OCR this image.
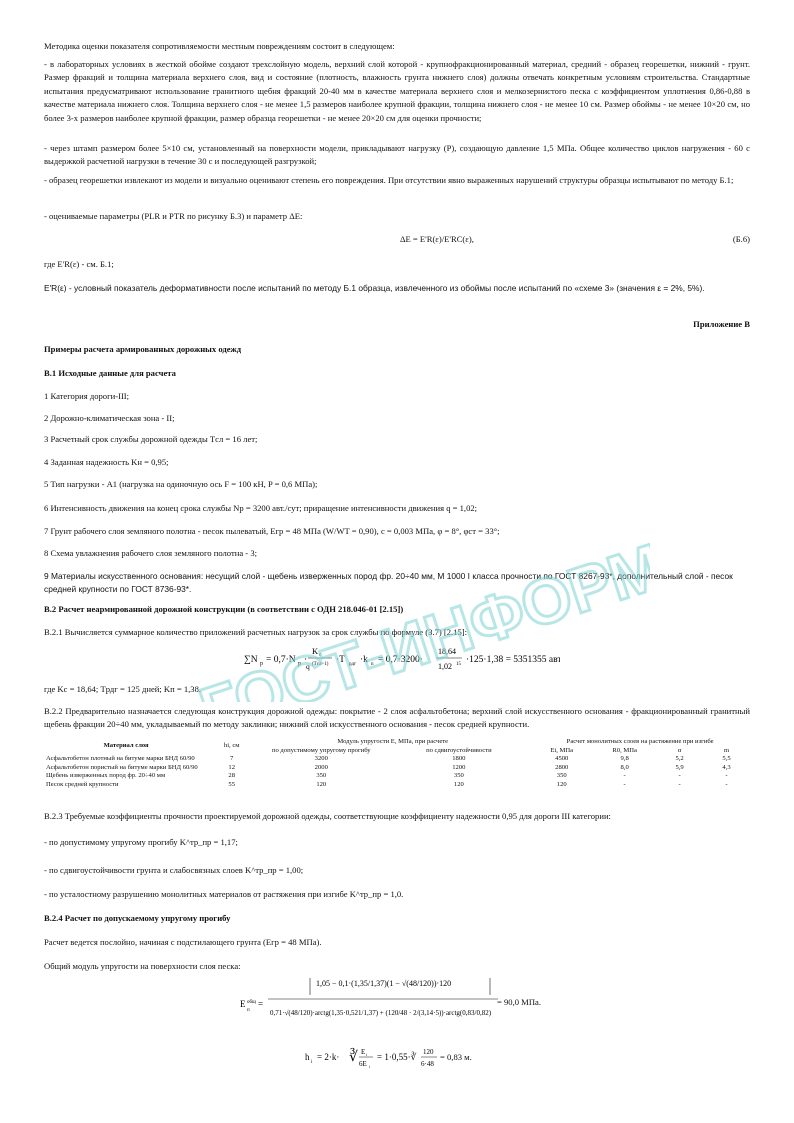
Методика оценки показателя сопротивляемости местным повреждениям состоит в следующем:
- в лабораторных условиях в жесткой обойме создают трехслойную модель, верхний слой которой - крупнофракционированный материал, средний - образец георешетки, нижний - грунт. Размер фракций и толщина материала верхнего слоя, вид и состояние (плотность, влажность грунта нижнего слоя) должны отвечать конкретным условиям строительства. Стандартные испытания предусматривают использование гранитного щебня фракций 20-40 мм в качестве материала верхнего слоя и мелкозернистого песка с коэффициентом уплотнения 0,86-0,88 в качестве материала нижнего слоя. Толщина верхнего слоя - не менее 1,5 размеров наиболее крупной фракции, толщина нижнего слоя - не менее 10 см. Размер обоймы - не менее 10×20 см, но более 3-х размеров наиболее крупной фракции, размер образца георешетки - не менее 20×20 см для оценки прочности;
- через штамп размером более 5×10 см, установленный на поверхности модели, прикладывают нагрузку (P), создающую давление 1,5 МПа. Общее количество циклов нагружения - 60 с выдержкой расчетной нагрузки в течение 30 с и последующей разгрузкой;
- образец георешетки извлекают из модели и визуально оценивают степень его повреждения. При отсутствии явно выраженных нарушений структуры образцы испытывают по методу Б.1;
- оцениваемые параметры (PLR и PTR по рисунку Б.3) и параметр ΔE:
ΔE = E'R(ε)/E'RC(ε),	(Б.6)
где E'R(ε) - см. Б.1;
E'R(ε) - условный показатель деформативности после испытаний по методу Б.1 образца, извлеченного из обоймы после испытаний по «схеме 3» (значения ε = 2%, 5%).
Приложение В
Примеры расчета армированных дорожных одежд
В.1 Исходные данные для расчета
1 Категория дороги-III;
2 Дорожно-климатическая зона - II;
3 Расчетный срок службы дорожной одежды Tсл = 16 лет;
4 Заданная надежность Kн = 0,95;
5 Тип нагрузки - A1 (нагрузка на одиночную ось F = 100 кН, P = 0,6 МПа);
6 Интенсивность движения на конец срока службы Np = 3200 авт./сут; приращение интенсивности движения q = 1,02;
7 Грунт рабочего слоя земляного полотна - песок пылеватый, Eгр = 48 МПа (W/WT = 0,90), c = 0,003 МПа, φ = 8°, φст = 33°;
8 Схема увлажнения рабочего слоя земляного полотна - 3;
9 Материалы искусственного основания: несущий слой - щебень изверженных пород фр. 20÷40 мм, М 1000 I класса прочности по ГОСТ 8267-93*, дополнительный слой - песок средней крупности по ГОСТ 8736-93*.
В.2 Расчет неармированной дорожной конструкции (в соответствии с ОДН 218.046-01 [2.15])
В.2.1 Вычисляется суммарное количество приложений расчетных нагрузок за срок службы по формуле (3.7) [2.15]:
∑N p = 0,7·N p ·
K c
q (Tсл−1) ·T рдг ·k n = 0,7·3200·
18,64
1,02 15 ·125·1,38 = 5351355 авт.
где Kс = 18,64; Tрдг = 125 дней; Kп = 1,38.
В.2.2 Предварительно назначается следующая конструкция дорожной одежды: покрытие - 2 слоя асфальтобетона; верхний слой искусственного основания - фракционированный гранитный щебень фракции 20÷40 мм, укладываемый по методу заклинки; нижний слой искусственного основания - песок средней крупности.
Материал слоя	hi, см	Модуль упругости E, МПа, при расчете		Расчет монолитных слоев на растяжение при изгибе			
		по допустимому упругому прогибу	по сдвигоустойчивости	Ei, МПа	R0, МПа	α	m
Асфальтобетон плотный на битуме марки БНД 60/90	7	3200	1800	4500	9,8	5,2	5,5
Асфальтобетон пористый на битуме марки БНД 60/90	12	2000	1200	2800	8,0	5,9	4,3
Щебень изверженных пород фр. 20÷40 мм	28	350	350	350	-	-	-
Песок средней крупности	55	120	120	120	-	-	-
В.2.3 Требуемые коэффициенты прочности проектируемой дорожной одежды, соответствующие коэффициенту надежности 0,95 для дороги III категории:
- по допустимому упругому прогибу K^тр_пр = 1,17;
- по сдвигоустойчивости грунта и слабосвязных слоев K^тр_пр = 1,00;
- по усталостному разрушению монолитных материалов от растяжения при изгибе K^тр_пр = 1,0.
В.2.4 Расчет по допускаемому упругому прогибу
Расчет ведется послойно, начиная с подстилающего грунта (Eгр = 48 МПа).
Общий модуль упругости на поверхности слоя песка:
E общ
п
=
1,05 − 0,1·(1,35/1,37)(1 − √(48/120))·120
0,71·√(48/120)·arctg(1,35·0,521/1,37) + (120/48 · 2/(3,14·5))·arctg(0,83/0,82)
= 90,0 МПа.
h
i
= 2·k· ∛ E i
6E i
= 1·0,55·∛ 120
6·48
= 0,83 м.
ГОСТ-ИНФОРМ.РУ
